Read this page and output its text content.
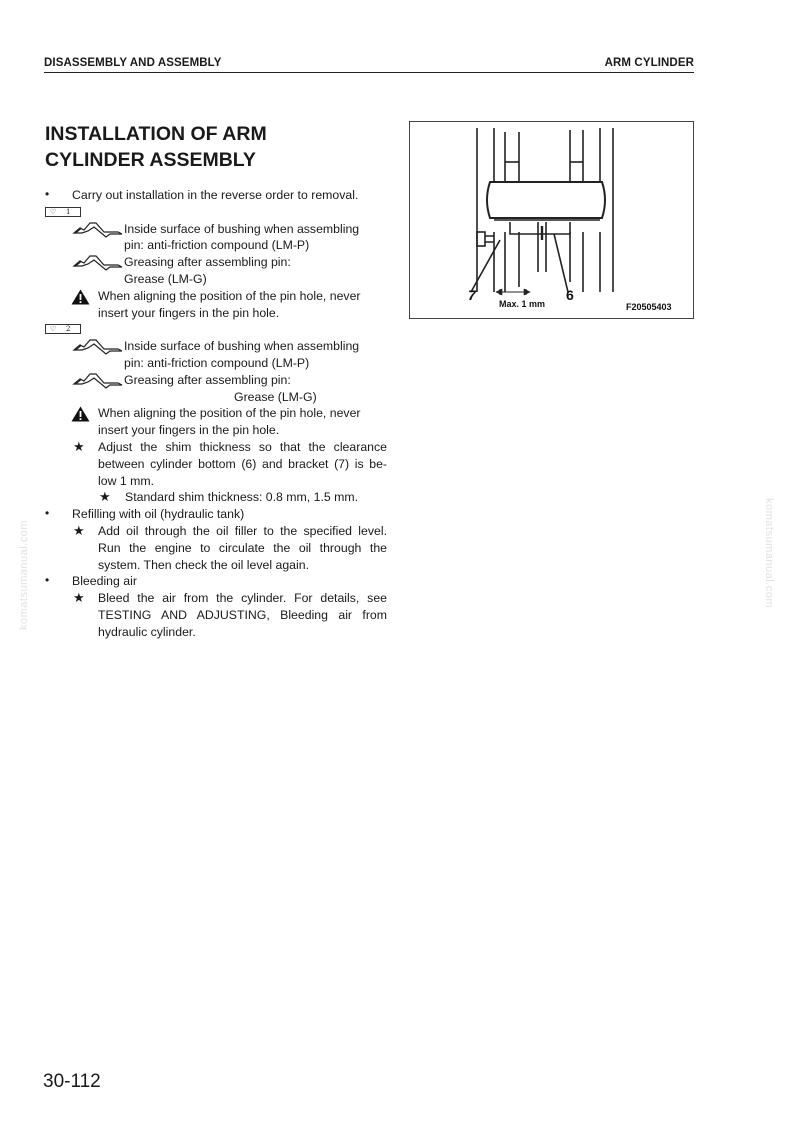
DISASSEMBLY AND ASSEMBLY	ARM CYLINDER
INSTALLATION OF ARM
CYLINDER ASSEMBLY
• Carry out installation in the reverse order to removal.
♡ 1
Inside surface of bushing when assembling
pin: anti-friction compound (LM-P)
Greasing after assembling pin:
Grease (LM-G)
When aligning the position of the pin hole, never
insert your fingers in the pin hole.
♡ 2
Inside surface of bushing when assembling
pin: anti-friction compound (LM-P)
Greasing after assembling pin:
Grease (LM-G)
When aligning the position of the pin hole, never
insert your fingers in the pin hole.
★ Adjust the shim thickness so that the clearance
between cylinder bottom (6) and bracket (7) is be-
low 1 mm.
★ Standard shim thickness: 0.8 mm, 1.5 mm.
• Refilling with oil (hydraulic tank)
★ Add oil through the oil filler to the specified level.
Run the engine to circulate the oil through the
system. Then check the oil level again.
• Bleeding air
★ Bleed the air from the cylinder. For details, see
TESTING AND ADJUSTING, Bleeding air from
hydraulic cylinder.
7	6
Max. 1 mm	F20505403
komatsumanual.com	komatsumanual.com
30-112
